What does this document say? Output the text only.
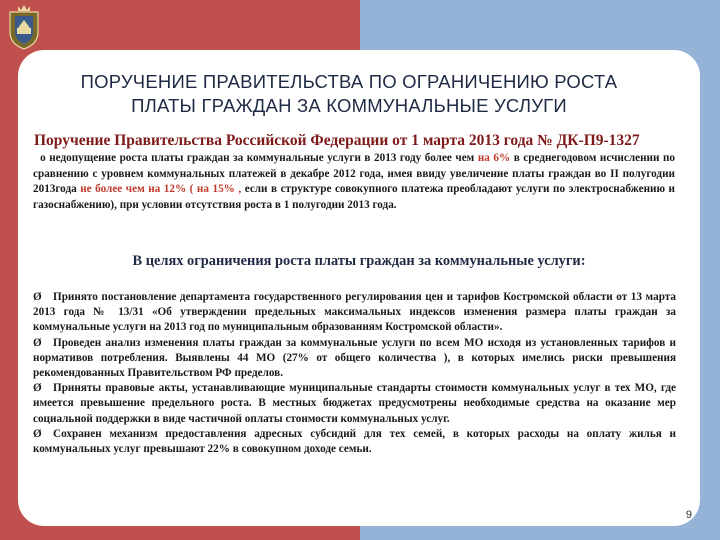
ПОРУЧЕНИЕ ПРАВИТЕЛЬСТВА ПО ОГРАНИЧЕНИЮ РОСТА
ПЛАТЫ ГРАЖДАН ЗА КОММУНАЛЬНЫЕ УСЛУГИ
Поручение Правительства Российской Федерации от 1 марта 2013 года № ДК-П9-1327
о недопущение роста платы граждан за коммунальные услуги в 2013 году более чем на 6% в среднегодовом исчислении по сравнению с уровнем коммунальных платежей в декабре 2012 года, имея ввиду увеличение платы граждан во II полугодии 2013года не более чем на 12% ( на 15% , если в структуре совокупного платежа преобладают услуги по электроснабжению и газоснабжению), при условии отсутствия роста в 1 полугодии 2013 года.
В целях ограничения роста платы граждан за коммунальные услуги:

Ø Принято постановление департамента государственного регулирования цен и тарифов Костромской области от 13 марта 2013 года № 13/31 «Об утверждении предельных максимальных индексов изменения размера платы граждан за коммунальные услуги на 2013 год по муниципальным образованиям Костромской области».

Ø Проведен анализ изменения платы граждан за коммунальные услуги по всем МО исходя из установленных тарифов и нормативов потребления. Выявлены 44 МО (27% от общего количества ), в которых имелись риски превышения рекомендованных Правительством РФ пределов.

Ø Приняты правовые акты, устанавливающие муниципальные стандарты стоимости коммунальных услуг в тех МО, где имеется превышение предельного роста. В местных бюджетах предусмотрены необходимые средства на оказание мер социальной поддержки в виде частичной оплаты стоимости коммунальных услуг.

Ø Сохранен механизм предоставления адресных субсидий для тех семей, в которых расходы на оплату жилья и коммунальных услуг превышают 22% в совокупном доходе семьи.

9
